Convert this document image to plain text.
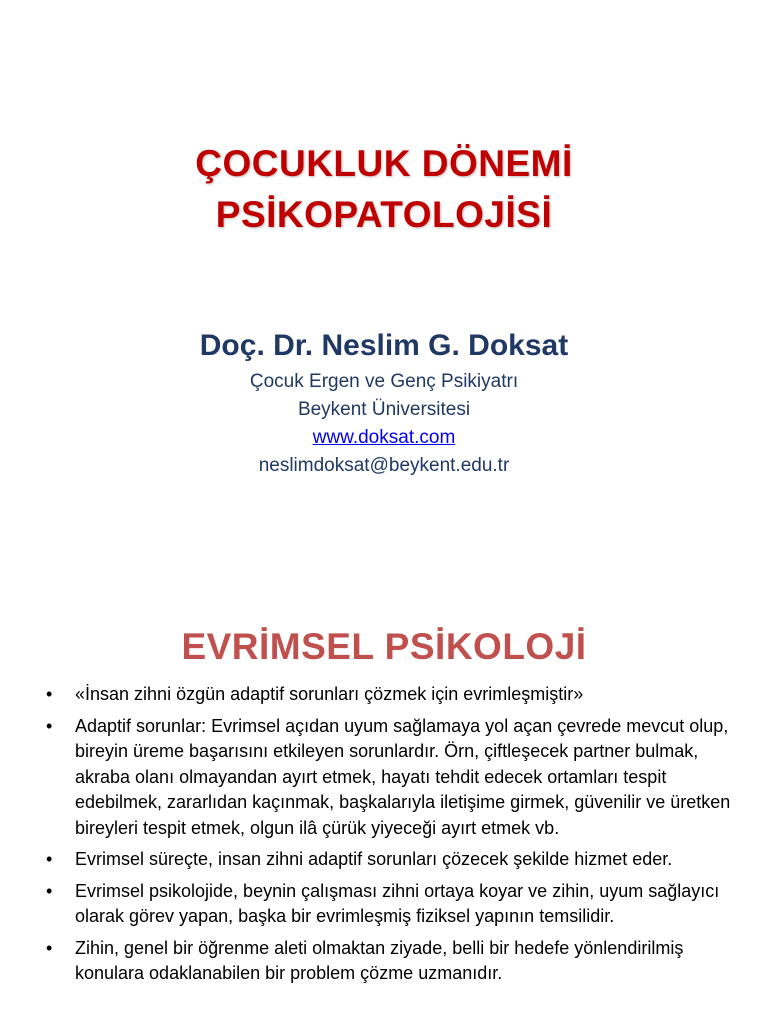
ÇOCUKLUK DÖNEMİ
PSİKOPATOLOJİSİ
Doç. Dr. Neslim G. Doksat
Çocuk Ergen ve Genç Psikiyatrı
Beykent Üniversitesi
www.doksat.com
neslimdoksat@beykent.edu.tr
EVRİMSEL PSİKOLOJİ
• «İnsan zihni özgün adaptif sorunları çözmek için evrimleşmiştir»
• Adaptif sorunlar: Evrimsel açıdan uyum sağlamaya yol açan çevrede mevcut olup, bireyin üreme başarısını etkileyen sorunlardır. Örn, çiftleşecek partner bulmak, akraba olanı olmayandan ayırt etmek, hayatı tehdit edecek ortamları tespit edebilmek, zararlıdan kaçınmak, başkalarıyla iletişime girmek, güvenilir ve üretken bireyleri tespit etmek, olgun ilâ çürük yiyeceği ayırt etmek vb.
• Evrimsel süreçte, insan zihni adaptif sorunları çözecek şekilde hizmet eder.
• Evrimsel psikolojide, beynin çalışması zihni ortaya koyar ve zihin, uyum sağlayıcı olarak görev yapan, başka bir evrimleşmiş fiziksel yapının temsilidir.
• Zihin, genel bir öğrenme aleti olmaktan ziyade, belli bir hedefe yönlendirilmiş konulara odaklanabilen bir problem çözme uzmanıdır.
